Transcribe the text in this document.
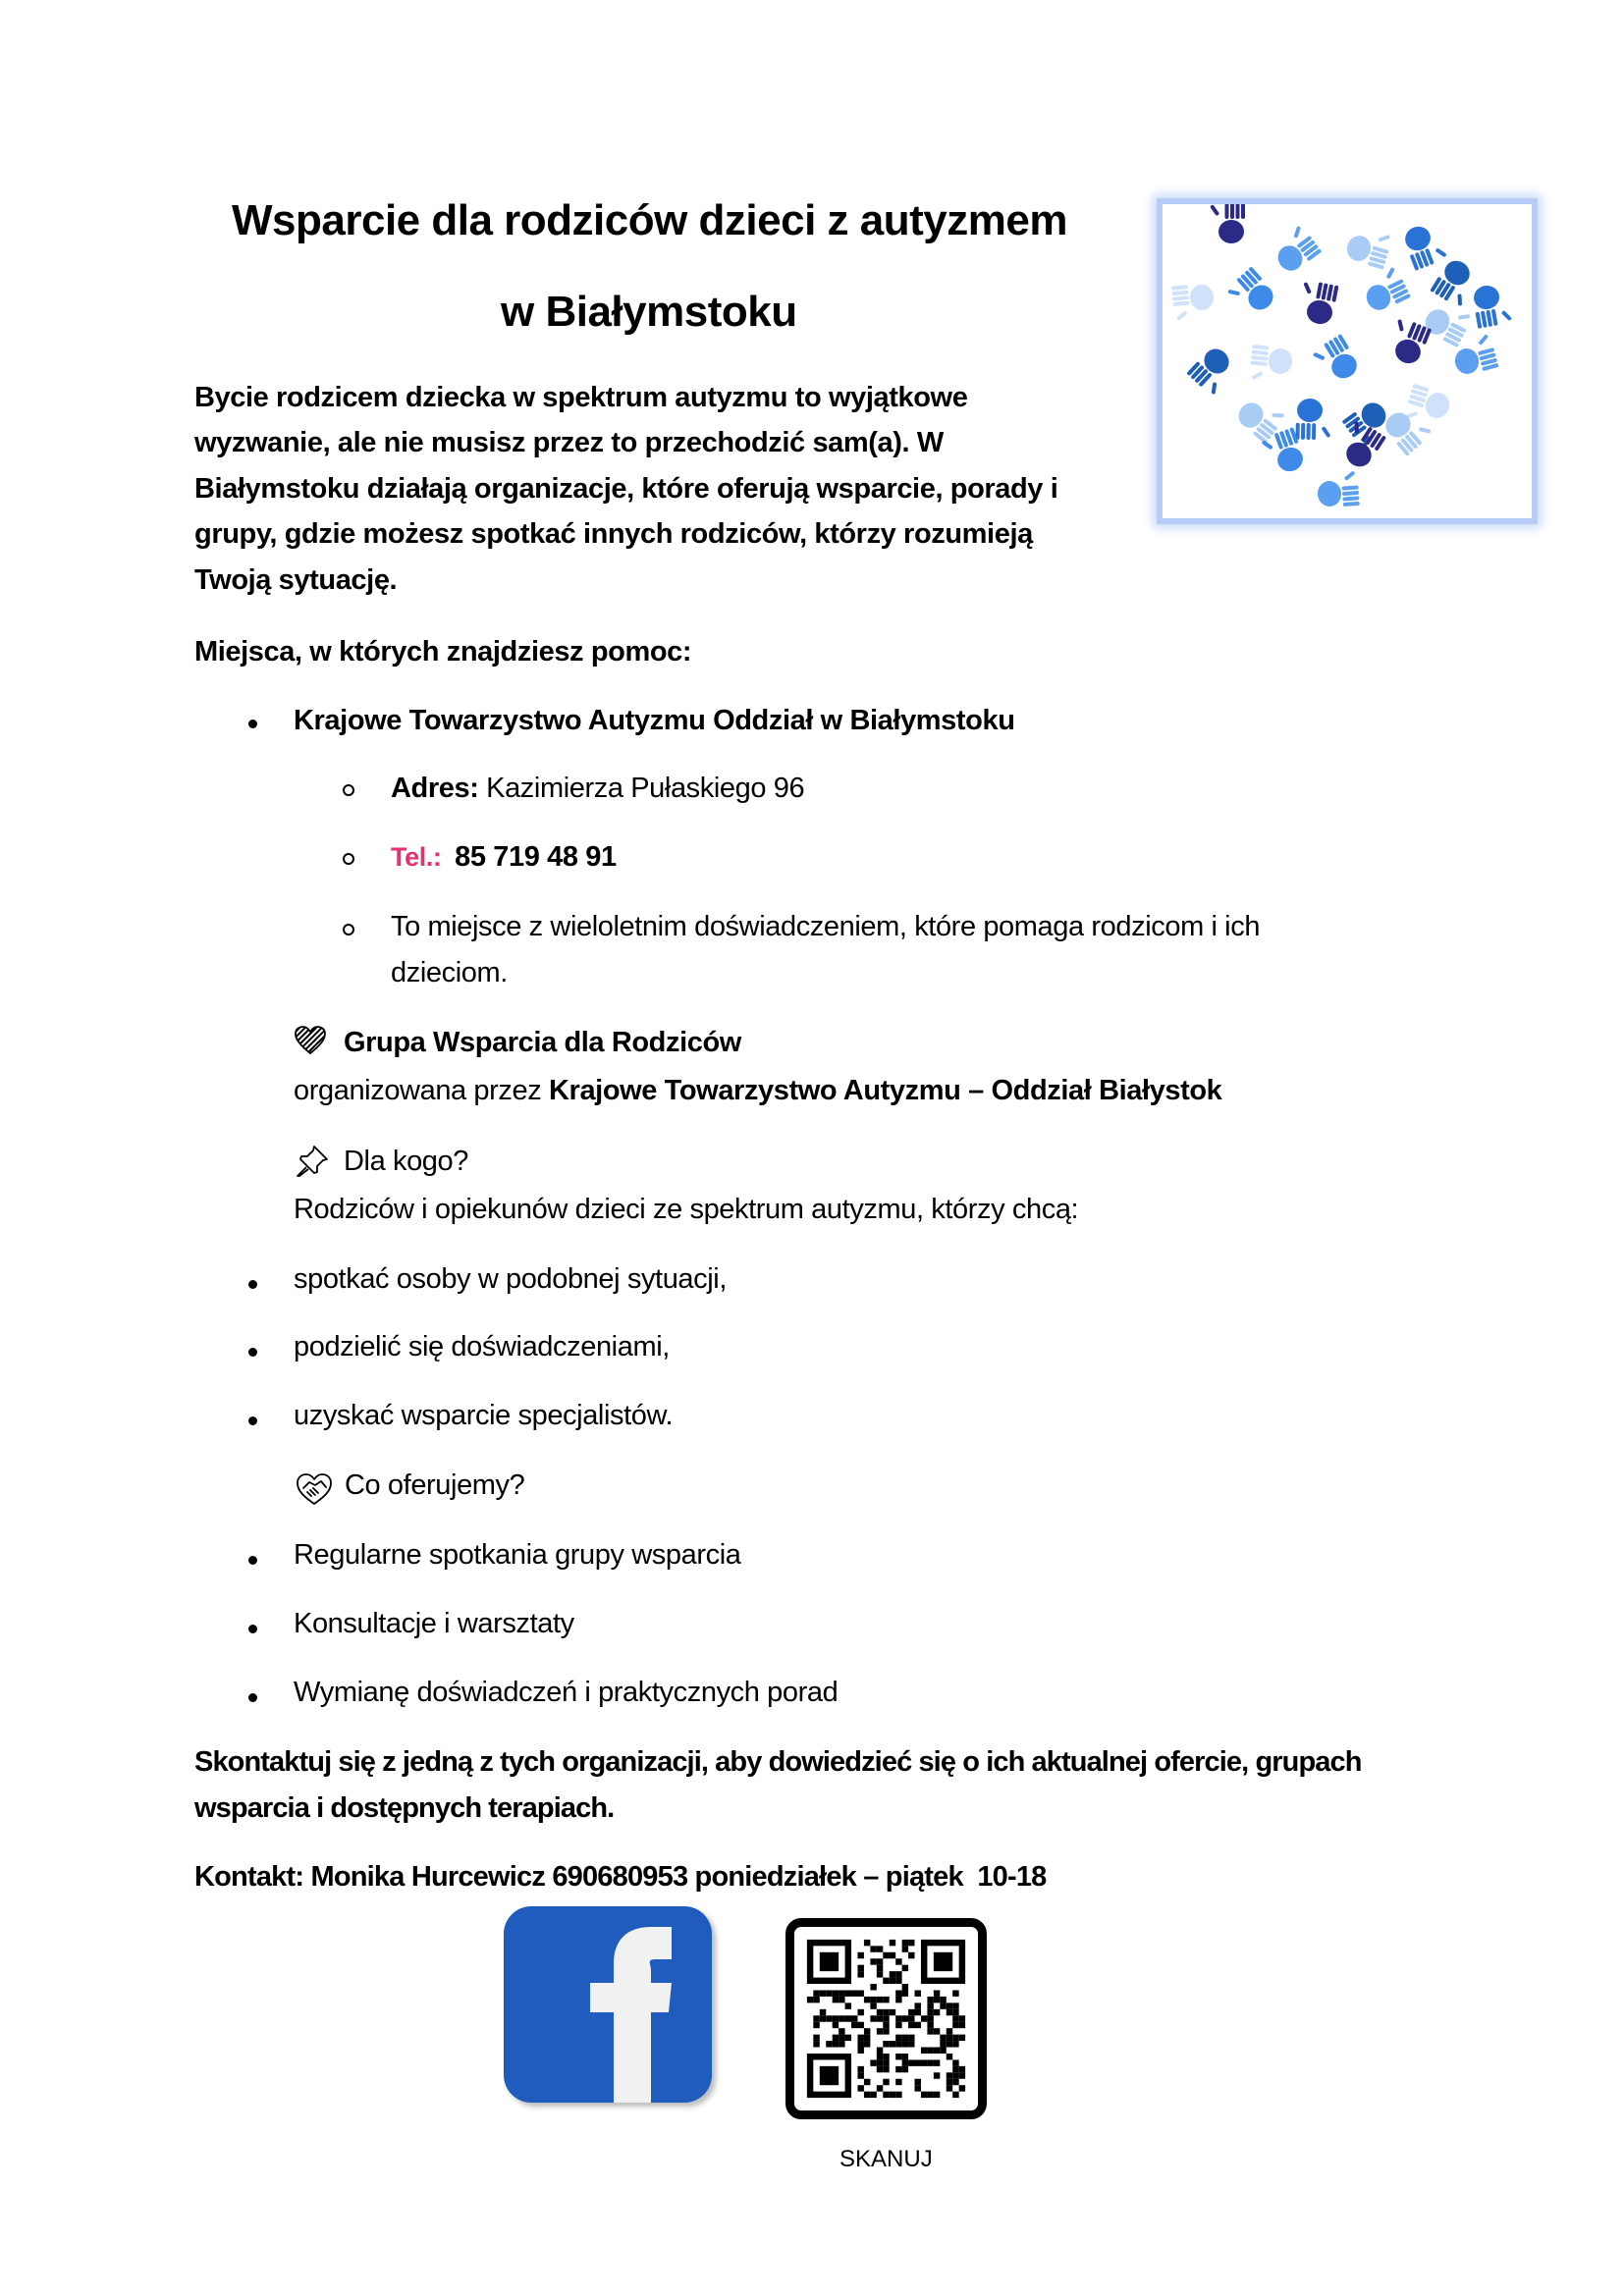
Wsparcie dla rodziców dzieci z autyzmem
w Białymstoku
Bycie rodzicem dziecka w spektrum autyzmu to wyjątkowe
wyzwanie, ale nie musisz przez to przechodzić sam(a). W
Białymstoku działają organizacje, które oferują wsparcie, porady i
grupy, gdzie możesz spotkać innych rodziców, którzy rozumieją
Twoją sytuację.
Miejsca, w których znajdziesz pomoc:
Krajowe Towarzystwo Autyzmu Oddział w Białymstoku
Adres: Kazimierza Pułaskiego 96
Tel.: 85 719 48 91
To miejsce z wieloletnim doświadczeniem, które pomaga rodzicom i ich
dzieciom.
Grupa Wsparcia dla Rodziców
organizowana przez Krajowe Towarzystwo Autyzmu – Oddział Białystok
Dla kogo?
Rodziców i opiekunów dzieci ze spektrum autyzmu, którzy chcą:
spotkać osoby w podobnej sytuacji,
podzielić się doświadczeniami,
uzyskać wsparcie specjalistów.
Co oferujemy?
Regularne spotkania grupy wsparcia
Konsultacje i warsztaty
Wymianę doświadczeń i praktycznych porad
Skontaktuj się z jedną z tych organizacji, aby dowiedzieć się o ich aktualnej ofercie, grupach
wsparcia i dostępnych terapiach.
Kontakt: Monika Hurcewicz 690680953 poniedziałek – piątek  10-18
SKANUJ
